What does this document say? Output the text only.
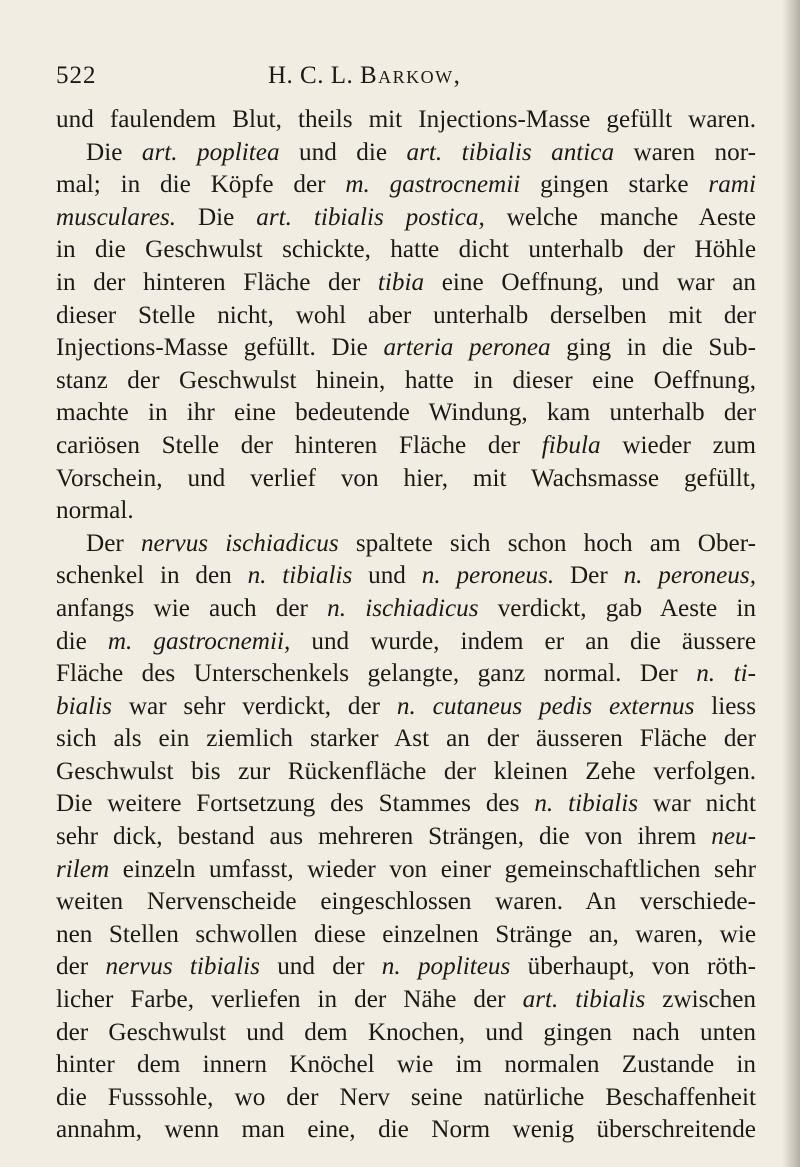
522	H. C. L. Barkow,
und faulendem Blut, theils mit Injections-Masse gefüllt waren.
Die art. poplitea und die art. tibialis antica waren nor-
mal; in die Köpfe der m. gastrocnemii gingen starke rami
musculares. Die art. tibialis postica, welche manche Aeste
in die Geschwulst schickte, hatte dicht unterhalb der Höhle
in der hinteren Fläche der tibia eine Oeffnung, und war an
dieser Stelle nicht, wohl aber unterhalb derselben mit der
Injections-Masse gefüllt. Die arteria peronea ging in die Sub-
stanz der Geschwulst hinein, hatte in dieser eine Oeffnung,
machte in ihr eine bedeutende Windung, kam unterhalb der
cariösen Stelle der hinteren Fläche der fibula wieder zum
Vorschein, und verlief von hier, mit Wachsmasse gefüllt,
normal.
Der nervus ischiadicus spaltete sich schon hoch am Ober-
schenkel in den n. tibialis und n. peroneus. Der n. peroneus,
anfangs wie auch der n. ischiadicus verdickt, gab Aeste in
die m. gastrocnemii, und wurde, indem er an die äussere
Fläche des Unterschenkels gelangte, ganz normal. Der n. ti-
bialis war sehr verdickt, der n. cutaneus pedis externus liess
sich als ein ziemlich starker Ast an der äusseren Fläche der
Geschwulst bis zur Rückenfläche der kleinen Zehe verfolgen.
Die weitere Fortsetzung des Stammes des n. tibialis war nicht
sehr dick, bestand aus mehreren Strängen, die von ihrem neu-
rilem einzeln umfasst, wieder von einer gemeinschaftlichen sehr
weiten Nervenscheide eingeschlossen waren. An verschiede-
nen Stellen schwollen diese einzelnen Stränge an, waren, wie
der nervus tibialis und der n. popliteus überhaupt, von röth-
licher Farbe, verliefen in der Nähe der art. tibialis zwischen
der Geschwulst und dem Knochen, und gingen nach unten
hinter dem innern Knöchel wie im normalen Zustande in
die Fusssohle, wo der Nerv seine natürliche Beschaffenheit
annahm, wenn man eine, die Norm wenig überschreitende
